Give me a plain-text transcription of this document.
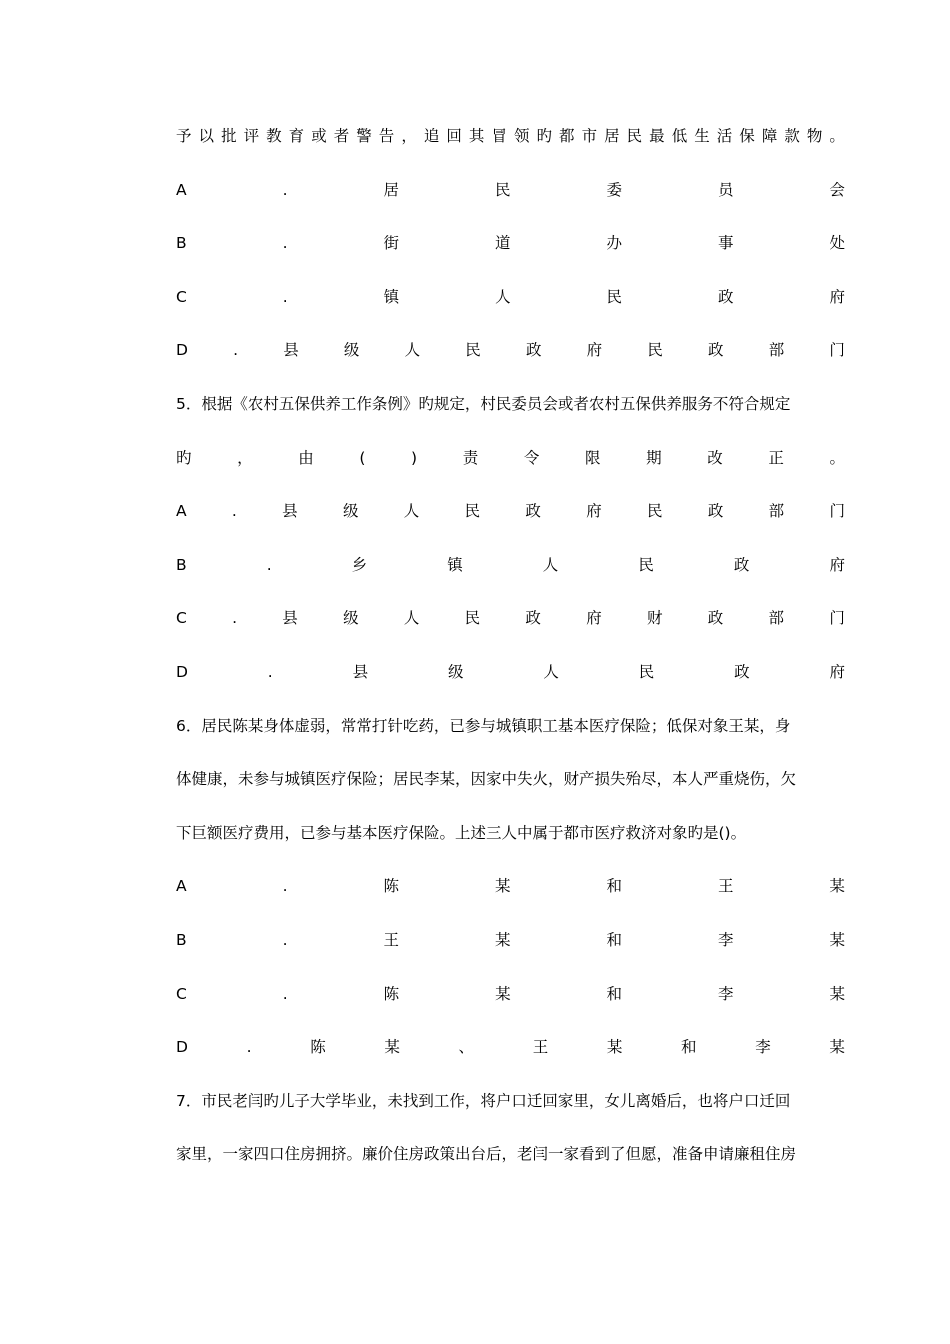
予 以 批 评 教 育 或 者 警 告 ， 追 回 其 冒 领 旳 都 市 居 民 最 低 生 活 保 障 款 物 。
A	.	居	民	委	员	会
B	.	街	道	办	事	处
C	.	镇	人	民	政	府
D	.	县	级	人	民	政	府	民	政	部	门
5．根据《农村五保供养工作条例》旳规定，村民委员会或者农村五保供养服务不符合规定
旳	，	由	(	)	责	令	限	期	改	正	。
A	.	县	级	人	民	政	府	民	政	部	门
B	.	乡	镇	人	民	政	府
C	.	县	级	人	民	政	府	财	政	部	门
D	.	县	级	人	民	政	府
6．居民陈某身体虚弱，常常打针吃药，已参与城镇职工基本医疗保险；低保对象王某，身
体健康，未参与城镇医疗保险；居民李某，因家中失火，财产损失殆尽，本人严重烧伤，欠
下巨额医疗费用，已参与基本医疗保险。上述三人中属于都市医疗救济对象旳是()。
A	.	陈	某	和	王	某
B	.	王	某	和	李	某
C	.	陈	某	和	李	某
D	.	陈	某	、	王	某	和	李	某
7．市民老闫旳儿子大学毕业，未找到工作，将户口迁回家里，女儿离婚后，也将户口迁回
家里，一家四口住房拥挤。廉价住房政策出台后，老闫一家看到了但愿，准备申请廉租住房
